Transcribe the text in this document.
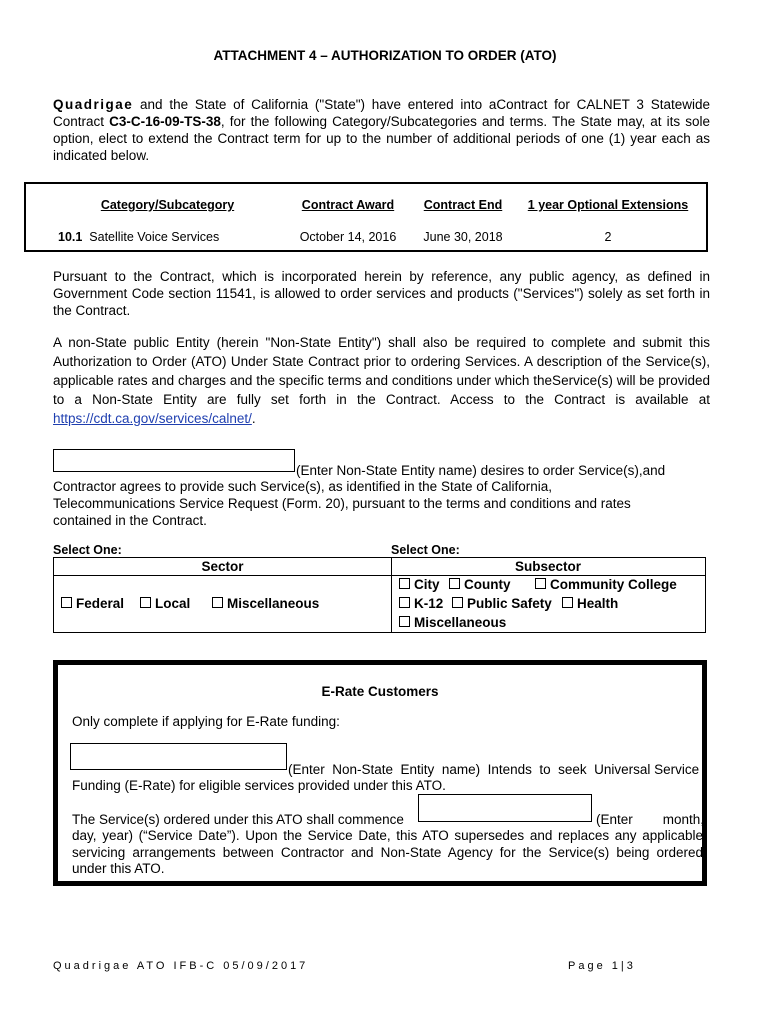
ATTACHMENT 4 – AUTHORIZATION TO ORDER (ATO)
Quadrigae and the State of California ("State") have entered into aContract for CALNET 3 Statewide Contract C3-C-16-09-TS-38, for the following Category/Subcategories and terms. The State may, at its sole option, elect to extend the Contract term for up to the number of additional periods of one (1) year each as indicated below.
Category/Subcategory	Contract Award	Contract End	1 year Optional Extensions
10.1 Satellite Voice Services	October 14, 2016	June 30, 2018	2
Pursuant to the Contract, which is incorporated herein by reference, any public agency, as defined in Government Code section 11541, is allowed to order services and products ("Services") solely as set forth in the Contract.
A non-State public Entity (herein "Non-State Entity") shall also be required to complete and submit this Authorization to Order (ATO) Under State Contract prior to ordering Services. A description of the Service(s), applicable rates and charges and the specific terms and conditions under which theService(s) will be provided to a Non-State Entity are fully set forth in the Contract. Access to the Contract is available at https://cdt.ca.gov/services/calnet/.
(Enter Non-State Entity name) desires to order Service(s),and
Contractor agrees to provide such Service(s), as identified in the State of California,
Telecommunications Service Request (Form. 20), pursuant to the terms and conditions and rates
contained in the Contract.
Select One:	Select One:
Sector	Subsector
Federal	Local	Miscellaneous
City	County	Community College
K-12	Public Safety	Health
Miscellaneous
E-Rate Customers
Only complete if applying for E-Rate funding:
(Enter  Non-State  Entity  name)  Intends  to  seek  Universal Service
Funding (E-Rate) for eligible services provided under this ATO.
The Service(s) ordered under this ATO shall commence	(Enter        month,
day, year) (“Service Date”). Upon the Service Date, this ATO supersedes and replaces any applicable servicing arrangements between Contractor and Non-State Agency for the Service(s) being ordered under this ATO.
Quadrigae ATO IFB-C 05/09/2017	Page 1|3
